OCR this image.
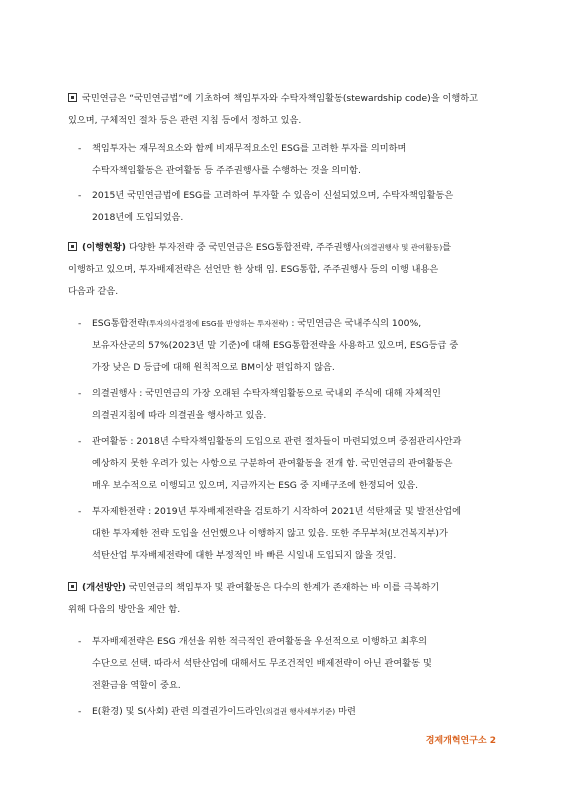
국민연금은 “국민연금법”에 기초하여 책임투자와 수탁자책임활동(stewardship code)을 이행하고
있으며, 구체적인 절차 등은 관련 지침 등에서 정하고 있음.
- 책임투자는 재무적요소와 함께 비재무적요소인 ESG를 고려한 투자를 의미하며
수탁자책임활동은 관여활동 등 주주권행사를 수행하는 것을 의미함.
- 2015년 국민연금법에 ESG를 고려하여 투자할 수 있음이 신설되었으며, 수탁자책임활동은
2018년에 도입되었음.
(이행현황) 다양한 투자전략 중 국민연금은 ESG통합전략, 주주권행사(의결권행사 및 관여활동)를
이행하고 있으며, 투자배제전략은 선언만 한 상태 임. ESG통합, 주주권행사 등의 이행 내용은
다음과 같음.
- ESG통합전략(투자의사결정에 ESG를 반영하는 투자전략) : 국민연금은 국내주식의 100%,
보유자산군의 57%(2023년 말 기준)에 대해 ESG통합전략을 사용하고 있으며, ESG등급 중
가장 낮은 D 등급에 대해 원칙적으로 BM이상 편입하지 않음.
- 의결권행사 : 국민연금의 가장 오래된 수탁자책임활동으로 국내외 주식에 대해 자체적인
의결권지침에 따라 의결권을 행사하고 있음.
- 관여활동 : 2018년 수탁자책임활동의 도입으로 관련 절차들이 마련되었으며 중점관리사안과
예상하지 못한 우려가 있는 사항으로 구분하여 관여활동을 전개 함. 국민연금의 관여활동은
매우 보수적으로 이행되고 있으며, 지금까지는 ESG 중 지배구조에 한정되어 있음.
- 투자제한전략 : 2019년 투자배제전략을 검토하기 시작하여 2021년 석탄채굴 및 발전산업에
대한 투자제한 전략 도입을 선언했으나 이행하지 않고 있음. 또한 주무부처(보건복지부)가
석탄산업 투자배제전략에 대한 부정적인 바 빠른 시일내 도입되지 않을 것임.
(개선방안) 국민연금의 책임투자 및 관여활동은 다수의 한계가 존재하는 바 이를 극복하기
위해 다음의 방안을 제안 함.
- 투자배제전략은 ESG 개선을 위한 적극적인 관여활동을 우선적으로 이행하고 최후의
수단으로 선택. 따라서 석탄산업에 대해서도 무조건적인 배제전략이 아닌 관여활동 및
전환금융 역할이 중요.
- E(환경) 및 S(사회) 관련 의결권가이드라인(의결권 행사세부기준) 마련
경제개혁연구소 2
